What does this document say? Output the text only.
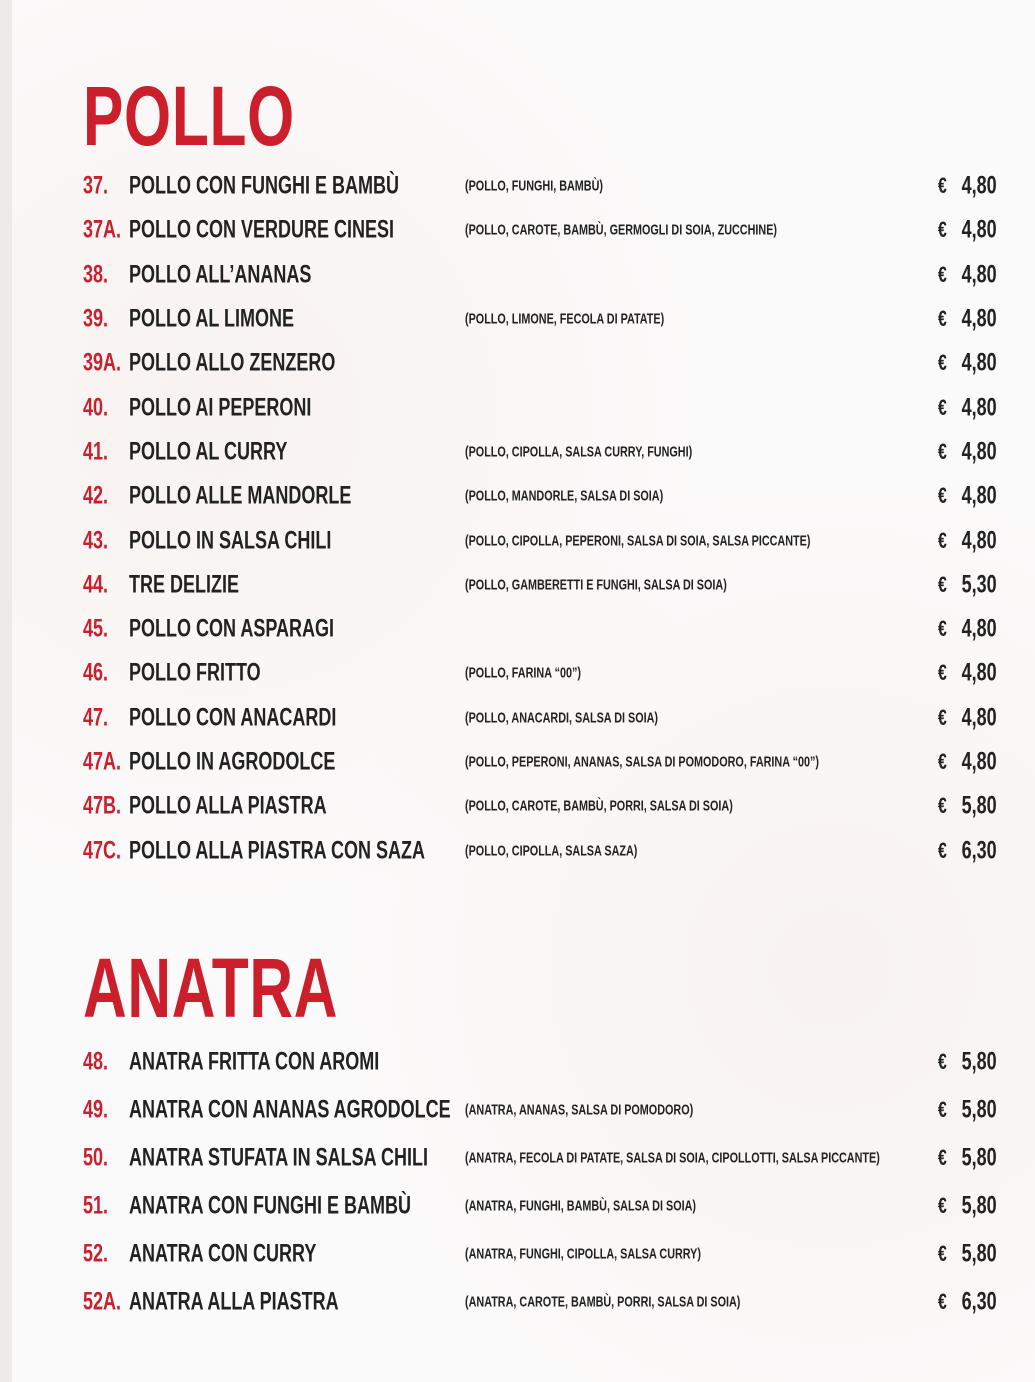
POLLO
37. POLLO CON FUNGHI E BAMBÙ	(POLLO, FUNGHI, BAMBÙ)	€ 4,80
37A. POLLO CON VERDURE CINESI	(POLLO, CAROTE, BAMBÙ, GERMOGLI DI SOIA, ZUCCHINE)	€ 4,80
38. POLLO ALL’ANANAS	€ 4,80
39. POLLO AL LIMONE	(POLLO, LIMONE, FECOLA DI PATATE)	€ 4,80
39A. POLLO ALLO ZENZERO	€ 4,80
40. POLLO AI PEPERONI	€ 4,80
41. POLLO AL CURRY	(POLLO, CIPOLLA, SALSA CURRY, FUNGHI)	€ 4,80
42. POLLO ALLE MANDORLE	(POLLO, MANDORLE, SALSA DI SOIA)	€ 4,80
43. POLLO IN SALSA CHILI	(POLLO, CIPOLLA, PEPERONI, SALSA DI SOIA, SALSA PICCANTE)	€ 4,80
44. TRE DELIZIE	(POLLO, GAMBERETTI E FUNGHI, SALSA DI SOIA)	€ 5,30
45. POLLO CON ASPARAGI	€ 4,80
46. POLLO FRITTO	(POLLO, FARINA “00”)	€ 4,80
47. POLLO CON ANACARDI	(POLLO, ANACARDI, SALSA DI SOIA)	€ 4,80
47A. POLLO IN AGRODOLCE	(POLLO, PEPERONI, ANANAS, SALSA DI POMODORO, FARINA “00”)	€ 4,80
47B. POLLO ALLA PIASTRA	(POLLO, CAROTE, BAMBÙ, PORRI, SALSA DI SOIA)	€ 5,80
47C. POLLO ALLA PIASTRA CON SAZA	(POLLO, CIPOLLA, SALSA SAZA)	€ 6,30
ANATRA
48. ANATRA FRITTA CON AROMI	€ 5,80
49. ANATRA CON ANANAS AGRODOLCE (ANATRA, ANANAS, SALSA DI POMODORO)	€ 5,80
50. ANATRA STUFATA IN SALSA CHILI	(ANATRA, FECOLA DI PATATE, SALSA DI SOIA, CIPOLLOTTI, SALSA PICCANTE)	€ 5,80
51. ANATRA CON FUNGHI E BAMBÙ	(ANATRA, FUNGHI, BAMBÙ, SALSA DI SOIA)	€ 5,80
52. ANATRA CON CURRY	(ANATRA, FUNGHI, CIPOLLA, SALSA CURRY)	€ 5,80
52A. ANATRA ALLA PIASTRA	(ANATRA, CAROTE, BAMBÙ, PORRI, SALSA DI SOIA)	€ 6,30
